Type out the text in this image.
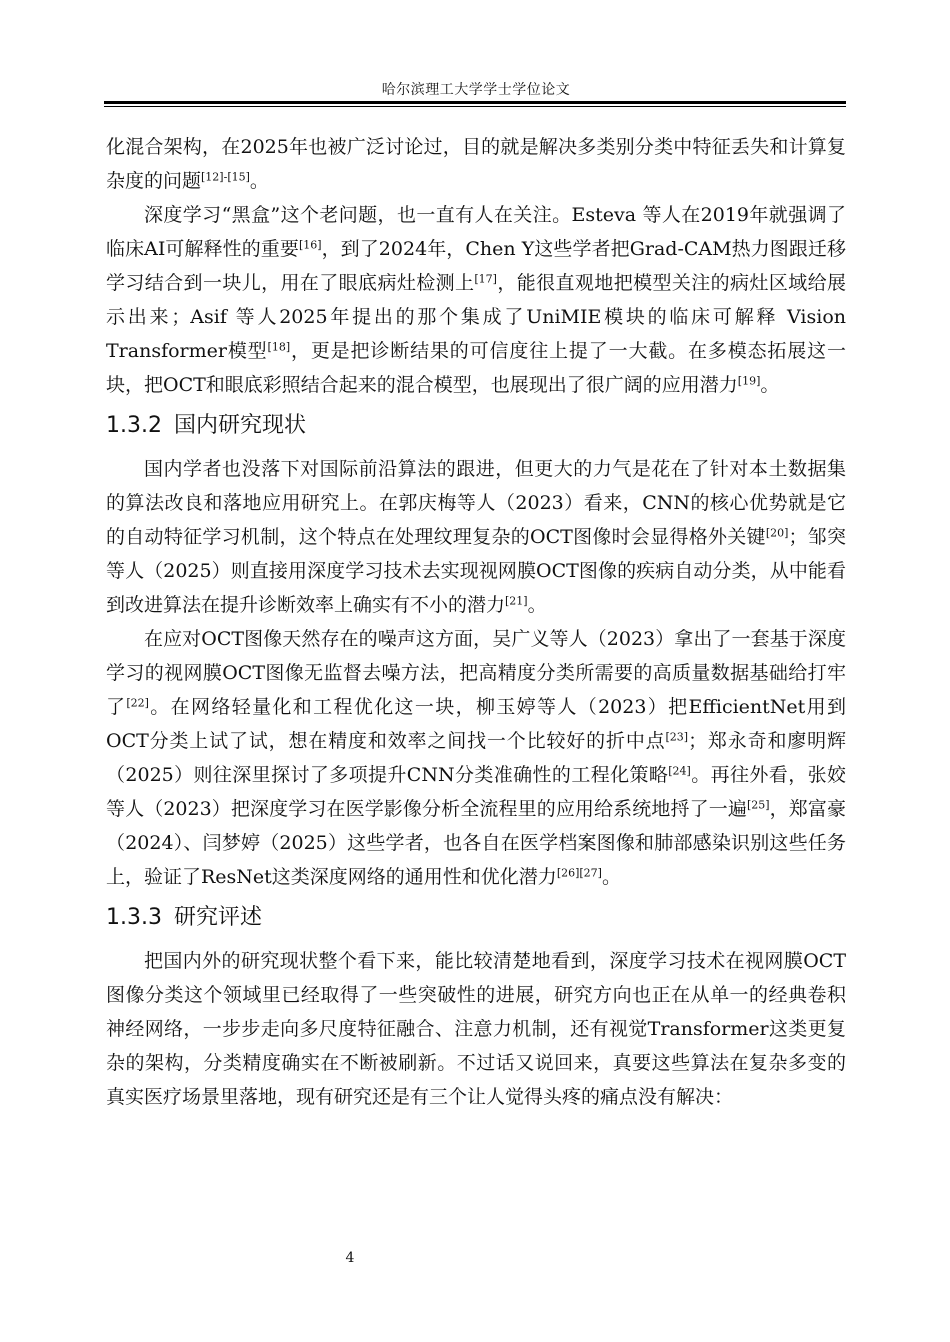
哈尔滨理工大学学士学位论文

化混合架构，在2025年也被广泛讨论过，目的就是解决多类别分类中特征丢失和计算复杂度的问题[12]-[15]。

深度学习“黑盒”这个老问题，也一直有人在关注。Esteva 等人在2019年就强调了临床AI可解释性的重要[16]，到了2024年，Chen Y这些学者把Grad-CAM热力图跟迁移学习结合到一块儿，用在了眼底病灶检测上[17]，能很直观地把模型关注的病灶区域给展示出来；Asif 等人2025年提出的那个集成了UniMIE模块的临床可解释 Vision Transformer模型[18]，更是把诊断结果的可信度往上提了一大截。在多模态拓展这一块，把OCT和眼底彩照结合起来的混合模型，也展现出了很广阔的应用潜力[19]。

1.3.2 国内研究现状

国内学者也没落下对国际前沿算法的跟进，但更大的力气是花在了针对本土数据集的算法改良和落地应用研究上。在郭庆梅等人（2023）看来，CNN的核心优势就是它的自动特征学习机制，这个特点在处理纹理复杂的OCT图像时会显得格外关键[20]；邹突等人（2025）则直接用深度学习技术去实现视网膜OCT图像的疾病自动分类，从中能看到改进算法在提升诊断效率上确实有不小的潜力[21]。

在应对OCT图像天然存在的噪声这方面，吴广义等人（2023）拿出了一套基于深度学习的视网膜OCT图像无监督去噪方法，把高精度分类所需要的高质量数据基础给打牢了[22]。在网络轻量化和工程优化这一块，柳玉婷等人（2023）把EfficientNet用到OCT分类上试了试，想在精度和效率之间找一个比较好的折中点[23]；郑永奇和廖明辉（2025）则往深里探讨了多项提升CNN分类准确性的工程化策略[24]。再往外看，张姣等人（2023）把深度学习在医学影像分析全流程里的应用给系统地捋了一遍[25]，郑富豪（2024）、闫梦婷（2025）这些学者，也各自在医学档案图像和肺部感染识别这些任务上，验证了ResNet这类深度网络的通用性和优化潜力[26][27]。

1.3.3 研究评述

把国内外的研究现状整个看下来，能比较清楚地看到，深度学习技术在视网膜OCT图像分类这个领域里已经取得了一些突破性的进展，研究方向也正在从单一的经典卷积神经网络，一步步走向多尺度特征融合、注意力机制，还有视觉Transformer这类更复杂的架构，分类精度确实在不断被刷新。不过话又说回来，真要这些算法在复杂多变的真实医疗场景里落地，现有研究还是有三个让人觉得头疼的痛点没有解决：

4
